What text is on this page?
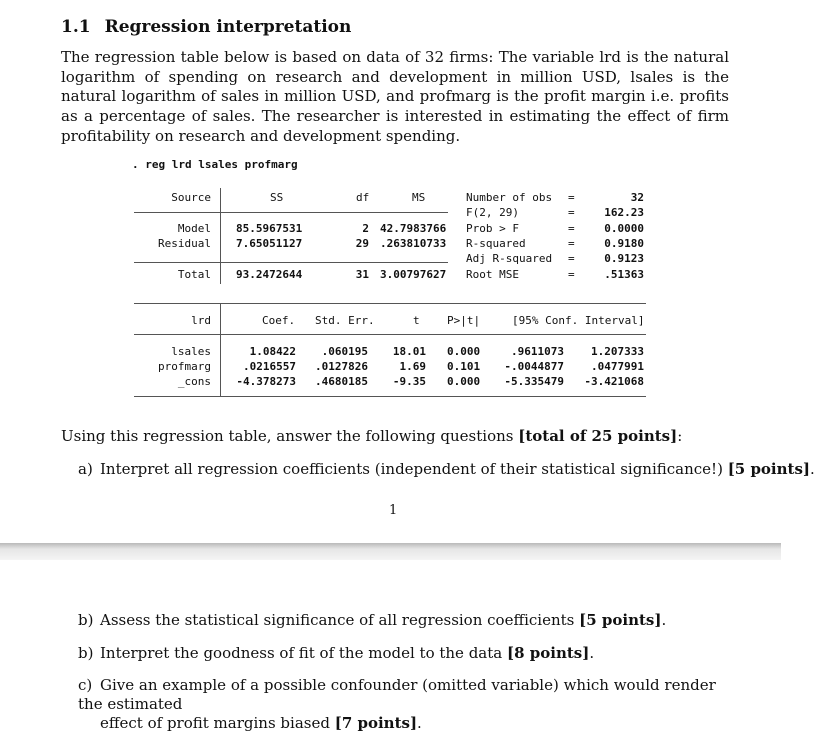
1.1 Regression interpretation
The regression table below is based on data of 32 firms: The variable lrd is the natural logarithm of spending on research and development in million USD, lsales is the natural logarithm of sales in million USD, and profmarg is the profit margin i.e. profits as a percentage of sales. The researcher is interested in estimating the effect of firm profitability on research and development spending.
. reg lrd lsales profmarg
Source	SS	df	MS
Model 85.5967531	2 42.7983766
Residual 7.65051127	29 .263810733
Total 93.2472644	31 3.00797627
Number of obs =	32
F(2, 29)	=	162.23
Prob > F	=	0.0000
R-squared	=	0.9180
Adj R-squared =	0.9123
Root MSE	=	.51363
lrd	Coef. Std. Err.	t P>|t|	[95% Conf. Interval]
lsales	1.08422	.060195	18.01 0.000	.9611073	1.207333
profmarg	.0216557	.0127826	1.69 0.101	-.0044877	.0477991
_cons	-4.378273	.4680185	-9.35 0.000	-5.335479	-3.421068
Using this regression table, answer the following questions [total of 25 points]:
a) Interpret all regression coefficients (independent of their statistical significance!) [5 points].
1
b) Assess the statistical significance of all regression coefficients [5 points].
b) Interpret the goodness of fit of the model to the data [8 points].
c) Give an example of a possible confounder (omitted variable) which would render the estimated
effect of profit margins biased [7 points].
